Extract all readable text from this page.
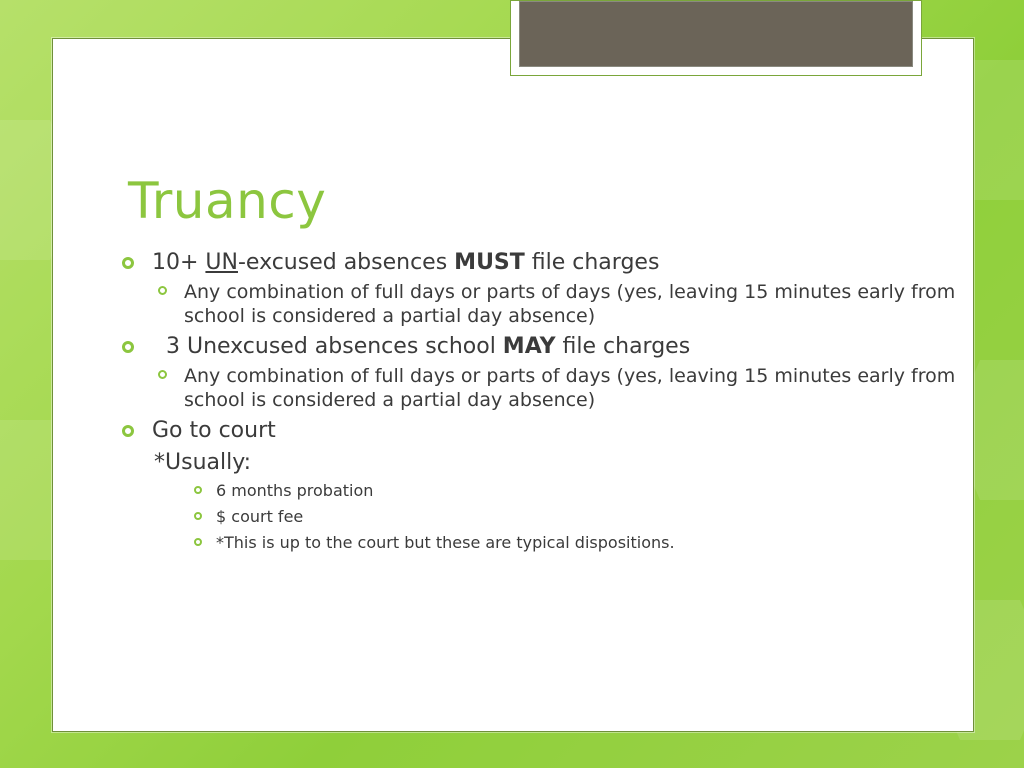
Truancy
10+ UN-excused absences MUST file charges
Any combination of full days or parts of days (yes, leaving 15 minutes early from school is considered a partial day absence)
3 Unexcused absences school MAY file charges
Any combination of full days or parts of days (yes, leaving 15 minutes early from school is considered a partial day absence)
Go to court
*Usually:
6 months probation
$ court fee
*This is up to the court but these are typical dispositions.
